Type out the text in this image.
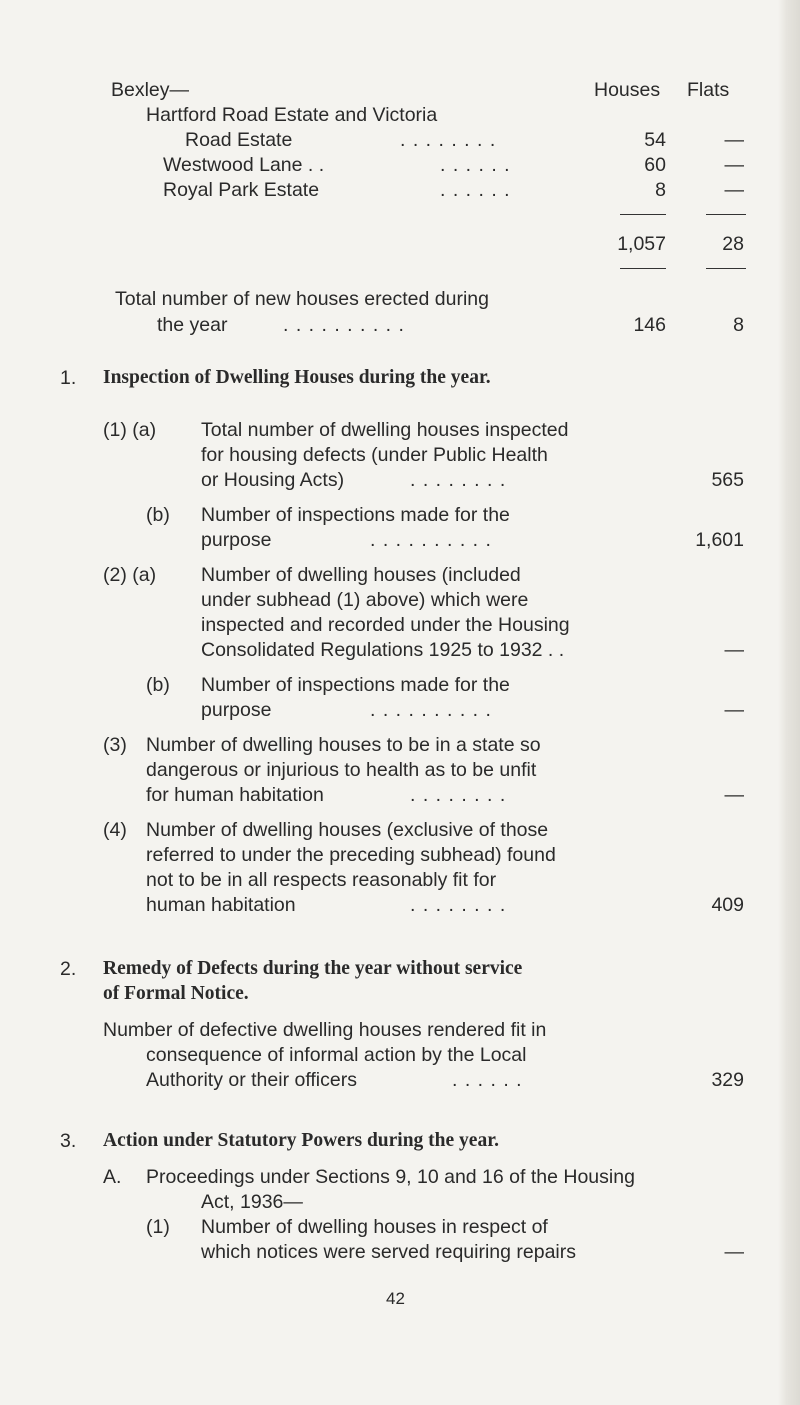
Bexley—	Houses Flats
Hartford Road Estate and Victoria
Road Estate	. . . . . . . .	54	—
Westwood Lane . .	. . . . . .	60	—
Royal Park Estate	. . . . . .	8	—
1,057	28
Total number of new houses erected during
the year	. . . . . . . . . .	146	8
1. Inspection of Dwelling Houses during the year.
(1) (a) Total number of dwelling houses inspected
for housing defects (under Public Health
or Housing Acts)	. . . . . . . .	565
(b) Number of inspections made for the
purpose	. . . . . . . . . .	1,601
(2) (a) Number of dwelling houses (included
under subhead (1) above) which were
inspected and recorded under the Housing
Consolidated Regulations 1925 to 1932 . .	—
(b) Number of inspections made for the
purpose	. . . . . . . . . .	—
(3) Number of dwelling houses to be in a state so
dangerous or injurious to health as to be unfit
for human habitation	. . . . . . . .	—
(4) Number of dwelling houses (exclusive of those
referred to under the preceding subhead) found
not to be in all respects reasonably fit for
human habitation	. . . . . . . .	409
2. Remedy of Defects during the year without service
of Formal Notice.
Number of defective dwelling houses rendered fit in
consequence of informal action by the Local
Authority or their officers	. . . . . .	329
3. Action under Statutory Powers during the year.
A. Proceedings under Sections 9, 10 and 16 of the Housing
Act, 1936—
(1) Number of dwelling houses in respect of
which notices were served requiring repairs	—
42
